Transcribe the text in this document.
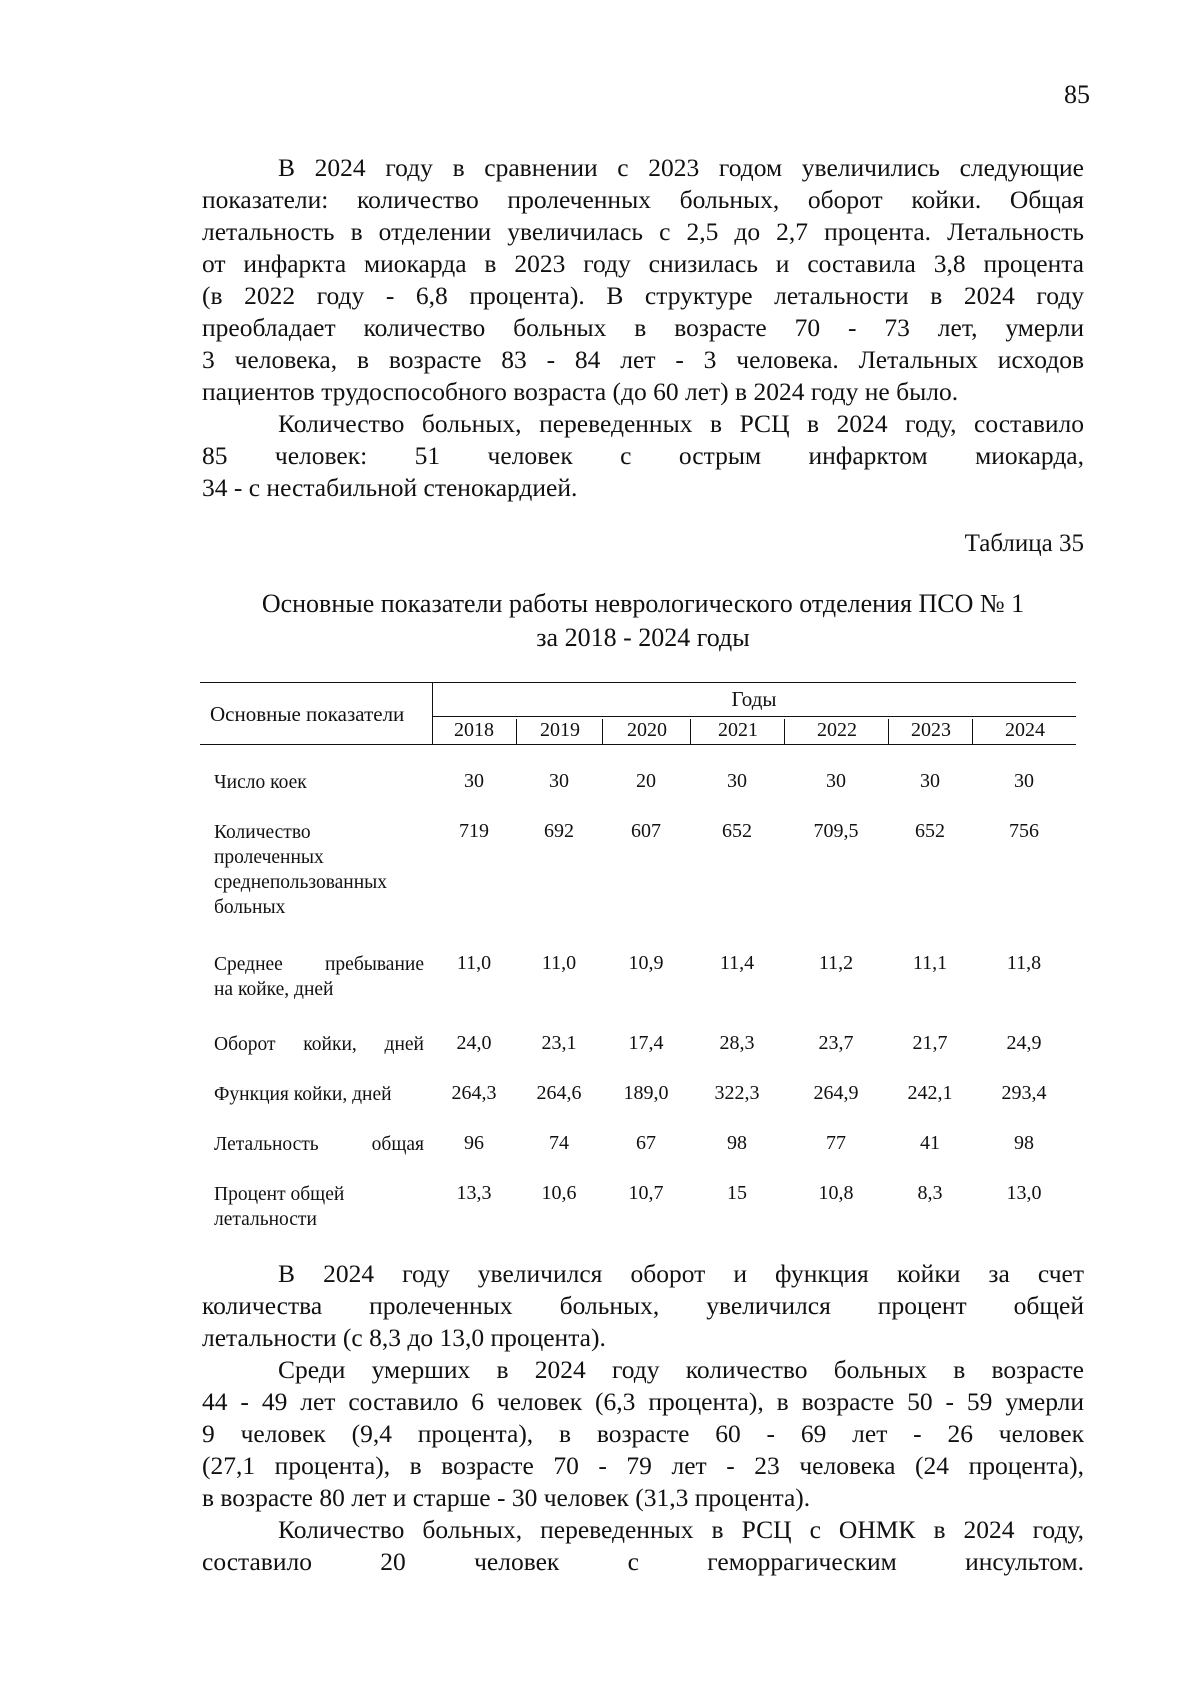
85
В 2024 году в сравнении с 2023 годом увеличились следующие
показатели: количество пролеченных больных, оборот койки. Общая
летальность в отделении увеличилась с 2,5 до 2,7 процента. Летальность
от инфаркта миокарда в 2023 году снизилась и составила 3,8 процента
(в 2022 году - 6,8 процента). В структуре летальности в 2024 году
преобладает количество больных в возрасте 70 - 73 лет, умерли
3 человека, в возрасте 83 - 84 лет - 3 человека. Летальных исходов
пациентов трудоспособного возраста (до 60 лет) в 2024 году не было.
Количество больных, переведенных в РСЦ в 2024 году, составило
85 человек: 51 человек с острым инфарктом миокарда,
34 - с нестабильной стенокардией.
Таблица 35
Основные показатели работы неврологического отделения ПСО № 1
за 2018 - 2024 годы
Основные показатели
Годы
2018	2019	2020	2021	2022	2023	2024
Число коек	30	30	20	30	30	30	30
Количество
пролеченных
среднепользованных
больных
719	692	607	652	709,5	652	756
Среднее пребывание
на койке, дней
11,0	11,0	10,9	11,4	11,2	11,1	11,8
Оборот койки, дней	24,0	23,1	17,4	28,3	23,7	21,7	24,9
Функция койки, дней	264,3	264,6	189,0	322,3	264,9	242,1	293,4
Летальность общая	96	74	67	98	77	41	98
Процент общей
летальности
13,3	10,6	10,7	15	10,8	8,3	13,0
В 2024 году увеличился оборот и функция койки за счет
количества пролеченных больных, увеличился процент общей
летальности (с 8,3 до 13,0 процента).
Среди умерших в 2024 году количество больных в возрасте
44 - 49 лет составило 6 человек (6,3 процента), в возрасте 50 - 59 умерли
9 человек (9,4 процента), в возрасте 60 - 69 лет - 26 человек
(27,1 процента), в возрасте 70 - 79 лет - 23 человека (24 процента),
в возрасте 80 лет и старше - 30 человек (31,3 процента).
Количество больных, переведенных в РСЦ с ОНМК в 2024 году,
составило 20 человек с геморрагическим инсультом.
